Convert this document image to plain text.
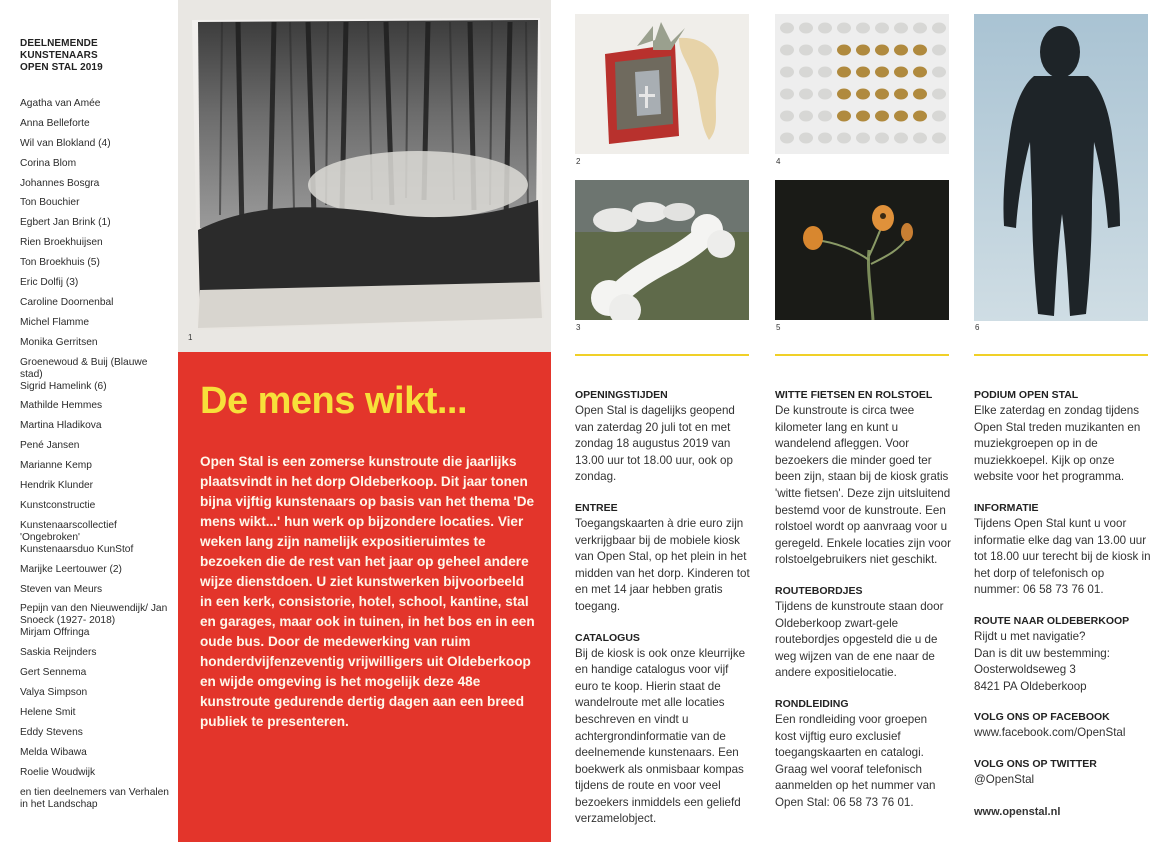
DEELNEMENDE KUNSTENAARS
OPEN STAL 2019
Agatha van Amée
Anna Belleforte
Wil van Blokland (4)
Corina Blom
Johannes Bosgra
Ton Bouchier
Egbert Jan Brink (1)
Rien Broekhuijsen
Ton Broekhuis (5)
Eric Dolfij (3)
Caroline Doornenbal
Michel Flamme
Monika Gerritsen
Groenewoud & Buij (Blauwe stad)
Sigrid Hamelink (6)
Mathilde Hemmes
Martina Hladikova
Pené Jansen
Marianne Kemp
Hendrik Klunder
Kunstconstructie
Kunstenaarscollectief 'Ongebroken'
Kunstenaarsduo KunStof
Marijke Leertouwer (2)
Steven van Meurs
Pepijn van den Nieuwendijk/ Jan Snoeck (1927- 2018)
Mirjam Offringa
Saskia Reijnders
Gert Sennema
Valya Simpson
Helene Smit
Eddy Stevens
Melda Wibawa
Roelie Woudwijk
en tien deelnemers van Verhalen in het Landschap
1
De mens wikt...
Open Stal is een zomerse kunstroute die jaarlijks plaatsvindt in het dorp Oldeberkoop. Dit jaar tonen bijna vijftig kunstenaars op basis van het thema 'De mens wikt...' hun werk op bijzondere locaties. Vier weken lang zijn namelijk expositieruimtes te bezoeken die de rest van het jaar op geheel andere wijze dienstdoen. U ziet kunstwerken bijvoorbeeld in een kerk, consistorie, hotel, school, kantine, stal en garages, maar ook in tuinen, in het bos en in een oude bus. Door de medewerking van ruim honderdvijfenzeventig vrijwilligers uit Oldeberkoop en wijde omgeving is het mogelijk deze 48e kunstroute gedurende dertig dagen aan een breed publiek te presenteren.
2
3
4
5	6
OPENINGSTIJDEN

Open Stal is dagelijks geopend van zaterdag 20 juli tot en met zondag 18 augustus 2019 van 13.00 uur tot 18.00 uur, ook op zondag.

ENTREE

Toegangskaarten à drie euro zijn verkrijgbaar bij de mobiele kiosk van Open Stal, op het plein in het midden van het dorp. Kinderen tot en met 14 jaar hebben gratis toegang.

CATALOGUS

Bij de kiosk is ook onze kleurrijke en handige catalogus voor vijf euro te koop. Hierin staat de wandelroute met alle locaties beschreven en vindt u achtergrondinformatie van de deelnemende kunstenaars. Een boekwerk als onmisbaar kompas tijdens de route en voor veel bezoekers inmiddels een geliefd verzamelobject.

WITTE FIETSEN EN ROLSTOEL

De kunstroute is circa twee kilometer lang en kunt u wandelend afleggen. Voor bezoekers die minder goed ter been zijn, staan bij de kiosk gratis 'witte fietsen'. Deze zijn uitsluitend bestemd voor de kunstroute. Een rolstoel wordt op aanvraag voor u geregeld. Enkele locaties zijn voor rolstoelgebruikers niet geschikt.

ROUTEBORDJES

Tijdens de kunstroute staan door Oldeberkoop zwart-gele routebordjes opgesteld die u de weg wijzen van de ene naar de andere expositielocatie.

RONDLEIDING

Een rondleiding voor groepen kost vijftig euro exclusief toegangskaarten en catalogi. Graag wel vooraf telefonisch aanmelden op het nummer van Open Stal: 06 58 73 76 01.

PODIUM OPEN STAL

Elke zaterdag en zondag tijdens Open Stal treden muzikanten en muziekgroepen op in de muziekkoepel. Kijk op onze website voor het programma.

INFORMATIE

Tijdens Open Stal kunt u voor informatie elke dag van 13.00 uur tot 18.00 uur terecht bij de kiosk in het dorp of telefonisch op nummer: 06 58 73 76 01.

ROUTE NAAR OLDEBERKOOP
Rijdt u met navigatie?
Dan is dit uw bestemming:
Oosterwoldseweg 3
8421 PA Oldeberkoop
VOLG ONS OP FACEBOOK

www.facebook.com/OpenStal

VOLG ONS OP TWITTER

@OpenStal

www.openstal.nl
